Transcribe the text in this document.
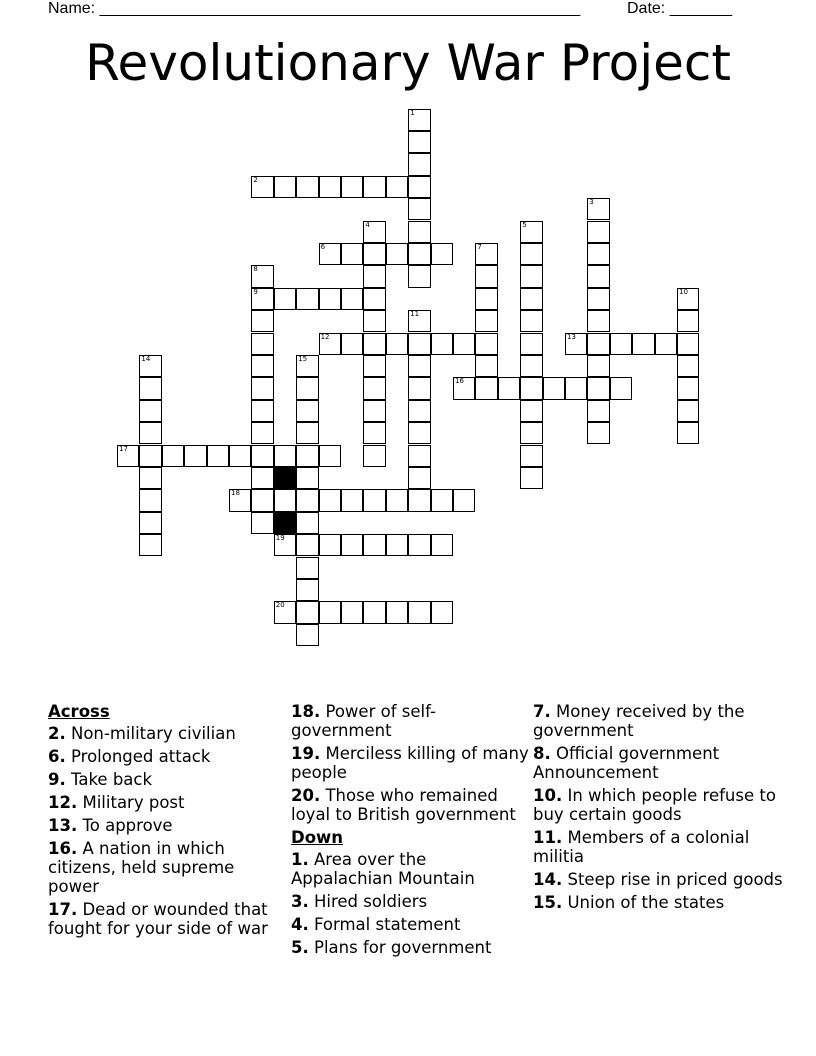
Name: ______________________________________________________	Date: _______
Revolutionary War Project
1
2
3
4	5
6	7
8
9	10
11
12	13
14	15
16
17
18
19
20
Across
2. Non-military civilian
6. Prolonged attack
9. Take back
12. Military post
13. To approve
16. A nation in which citizens, held supreme power
17. Dead or wounded that fought for your side of war
18. Power of self-government
19. Merciless killing of many people
20. Those who remained loyal to British government
Down
1. Area over the Appalachian Mountain
3. Hired soldiers
4. Formal statement
5. Plans for government
7. Money received by the government
8. Official government Announcement
10. In which people refuse to buy certain goods
11. Members of a colonial militia
14. Steep rise in priced goods
15. Union of the states
